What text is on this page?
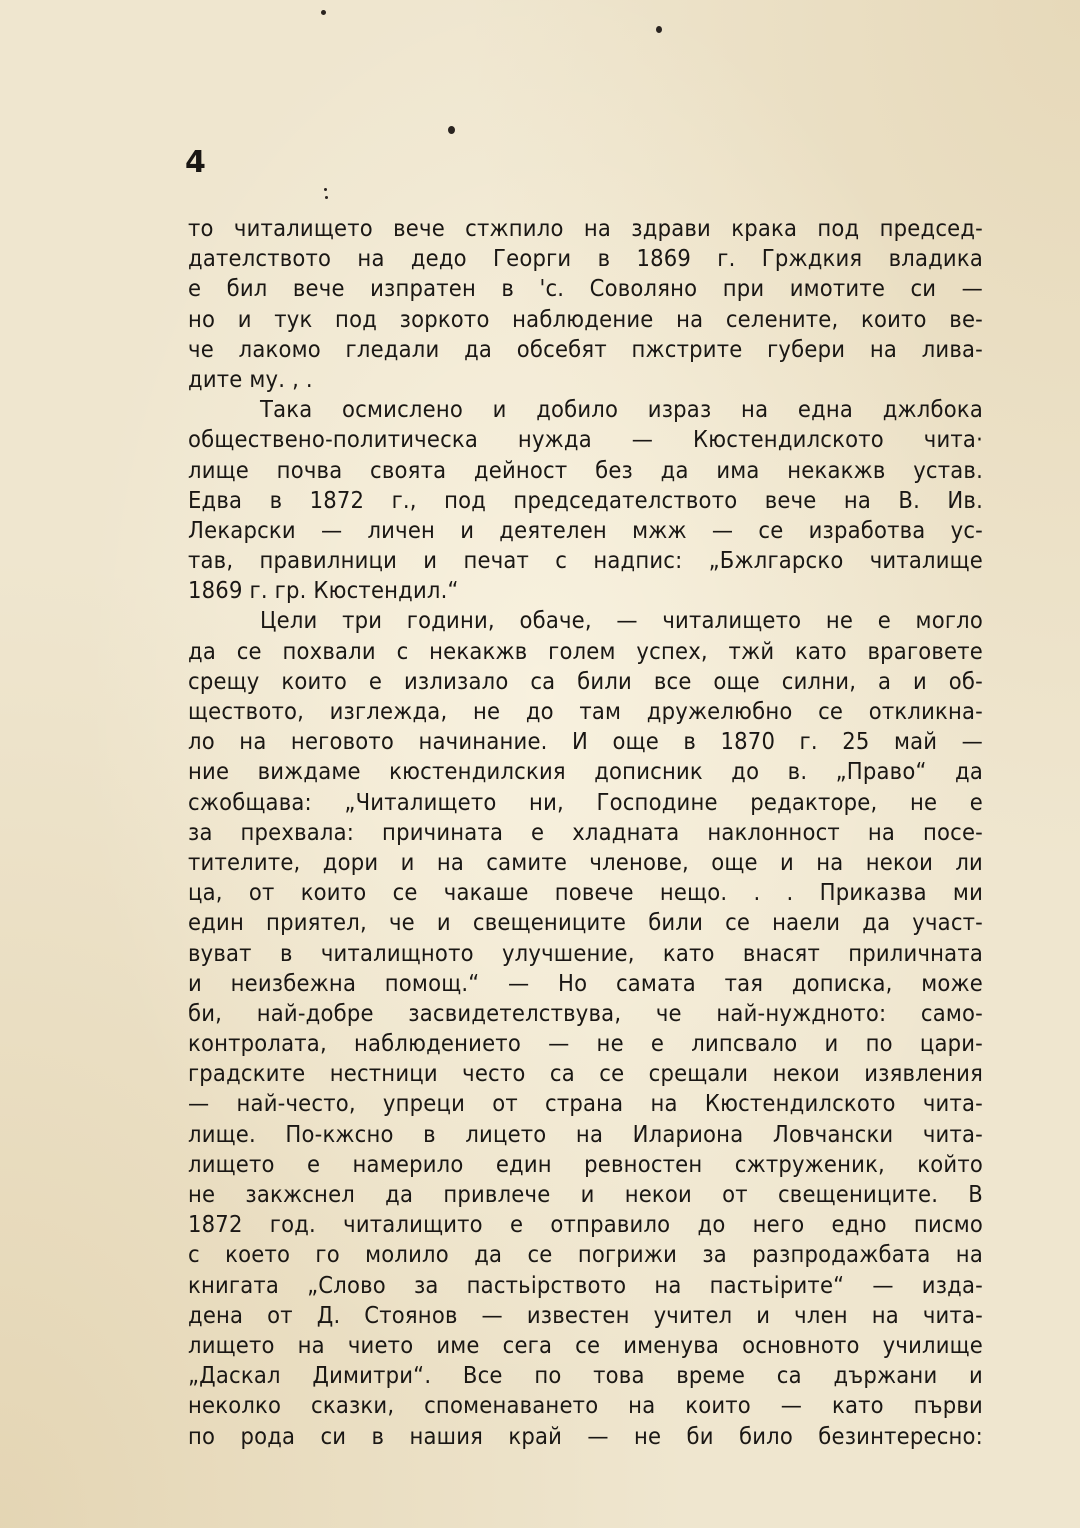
4
то читалището вече стжпило на здрави крака под председ-
дателството на дедо Георги в 1869 г. Грждкия владика
е бил вече изпратен в 'с. Соволяно при имотите си —
но и тук под зоркото наблюдение на селените, които ве-
че лакомо гледали да обсебят пжстрите губери на лива-
дите му. , .
Така осмислено и добило израз на една джлбока
обществено-политическа нужда — Кюстендилското чита·
лище почва своята дейност без да има некакжв устав.
Едва в 1872 г., под председателството вече на В. Ив.
Лекарски — личен и деятелен мжж — се изработва ус-
тав, правилници и печат с надпис: „Бжлгарско читалище
1869 г. гр. Кюстендил.“
Цели три години, обаче, — читалището не е могло
да се похвали с некакжв голем успех, тжй като враговете
срещу които е излизало са били все още силни, а и об-
ществото, изглежда, не до там дружелюбно се откликна-
ло на неговото начинание. И още в 1870 г. 25 май —
ние виждаме кюстендилския дописник до в. „Право“ да
сжобщава: „Читалището ни, Господине редакторе, не е
за прехвала: причината е хладната наклонност на посе-
тителите, дори и на самите членове, още и на некои ли
ца, от които се чакаше повече нещо. . . Приказва ми
един приятел, че и свещениците били се наели да участ-
вуват в читалищното улучшение, като внасят приличната
и неизбежна помощ.“ — Но самата тая дописка, може
би, най-добре засвидетелствува, че най-нуждното: само-
контролата, наблюдението — не е липсвало и по цари-
градските нестници често са се срещали некои изявления
— най-често, упреци от страна на Кюстендилското чита-
лище. По-кжсно в лицето на Илариона Ловчански чита-
лището е намерило един ревностен сжтруженик, който
не закжснел да привлече и некои от свещениците. В
1872 год. читалищито е отправило до него едно писмо
с което го молило да се погрижи за разпродажбата на
книгата „Слово за пастьірството на пастьірите“ — изда-
дена от Д. Стоянов — известен учител и член на чита-
лището на чието име сега се именува основното училище
„Даскал Димитри“. Все по това време са държани и
неколко сказки, споменаването на които — като първи
по рода си в нашия край — не би било безинтересно:
